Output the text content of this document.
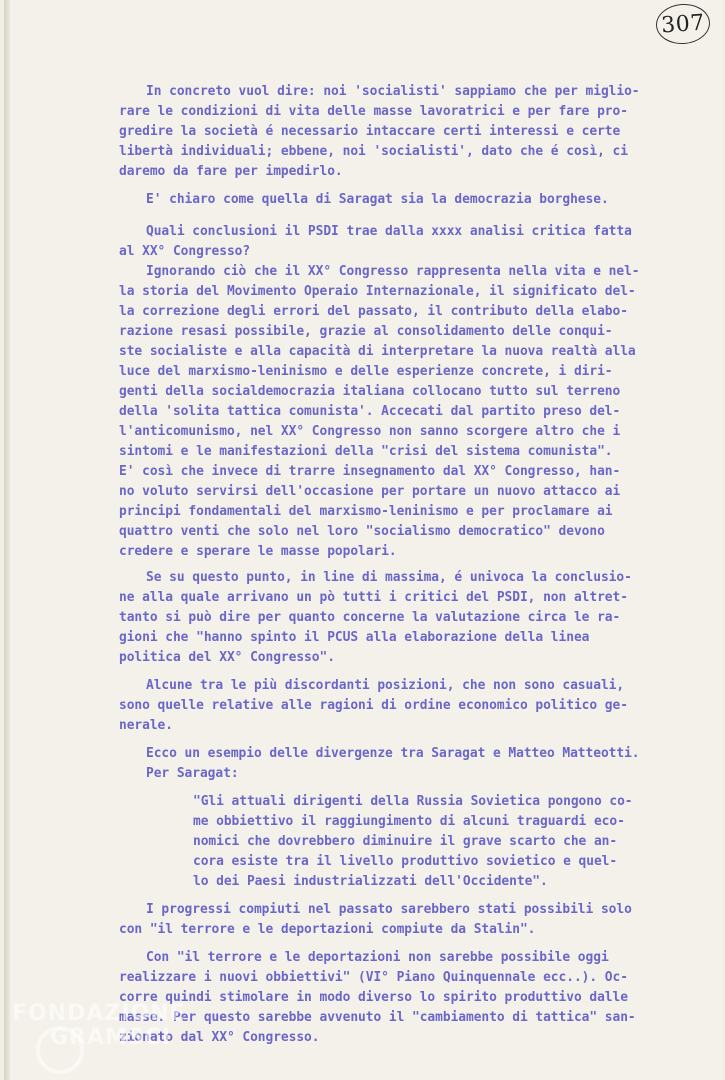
307
In concreto vuol dire: noi 'socialisti' sappiamo che per miglio-
rare le condizioni di vita delle masse lavoratrici e per fare pro-
gredire la società é necessario intaccare certi interessi e certe
libertà individuali; ebbene, noi 'socialisti', dato che é così, ci
daremo da fare per impedirlo.
E' chiaro come quella di Saragat sia la democrazia borghese.
Quali conclusioni il PSDI trae dalla xxxx analisi critica fatta
al XX° Congresso?
Ignorando ciò che il XX° Congresso rappresenta nella vita e nel-
la storia del Movimento Operaio Internazionale, il significato del-
la correzione degli errori del passato, il contributo della elabo-
razione resasi possibile, grazie al consolidamento delle conqui-
ste socialiste e alla capacità di interpretare la nuova realtà alla
luce del marxismo-leninismo e delle esperienze concrete, i diri-
genti della socialdemocrazia italiana collocano tutto sul terreno
della 'solita tattica comunista'. Accecati dal partito preso del-
l'anticomunismo, nel XX° Congresso non sanno scorgere altro che i
sintomi e le manifestazioni della "crisi del sistema comunista".
E' così che invece di trarre insegnamento dal XX° Congresso, han-
no voluto servirsi dell'occasione per portare un nuovo attacco ai
principi fondamentali del marxismo-leninismo e per proclamare ai
quattro venti che solo nel loro "socialismo democratico" devono
credere e sperare le masse popolari.
Se su questo punto, in line di massima, é univoca la conclusio-
ne alla quale arrivano un pò tutti i critici del PSDI, non altret-
tanto si può dire per quanto concerne la valutazione circa le ra-
gioni che "hanno spinto il PCUS alla elaborazione della linea
politica del XX° Congresso".
Alcune tra le più discordanti posizioni, che non sono casuali,
sono quelle relative alle ragioni di ordine economico politico ge-
nerale.
Ecco un esempio delle divergenze tra Saragat e Matteo Matteotti.
Per Saragat:
"Gli attuali dirigenti della Russia Sovietica pongono co-
me obbiettivo il raggiungimento di alcuni traguardi eco-
nomici che dovrebbero diminuire il grave scarto che an-
cora esiste tra il livello produttivo sovietico e quel-
lo dei Paesi industrializzati dell'Occidente".
I progressi compiuti nel passato sarebbero stati possibili solo
con "il terrore e le deportazioni compiute da Stalin".
Con "il terrore e le deportazioni non sarebbe possibile oggi
realizzare i nuovi obbiettivi" (VI° Piano Quinquennale ecc..). Oc-
corre quindi stimolare in modo diverso lo spirito produttivo dalle
masse. Per questo sarebbe avvenuto il "cambiamento di tattica" san-
zionato dal XX° Congresso.
FONDAZIONE
GRAMSCI
